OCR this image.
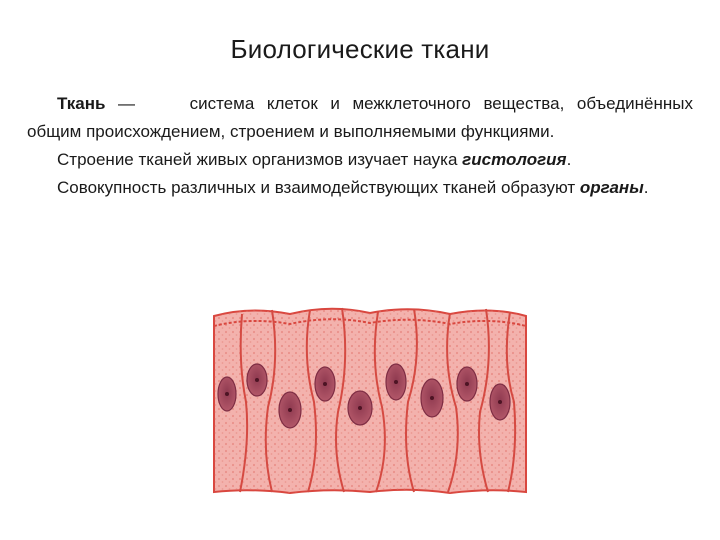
Биологические ткани

Ткань — система клеток и межклеточного вещества, объединённых общим происхождением, строением и выполняемыми функциями.

Строение тканей живых организмов изучает наука гистология.

Совокупность различных и взаимодействующих тканей образуют органы.
